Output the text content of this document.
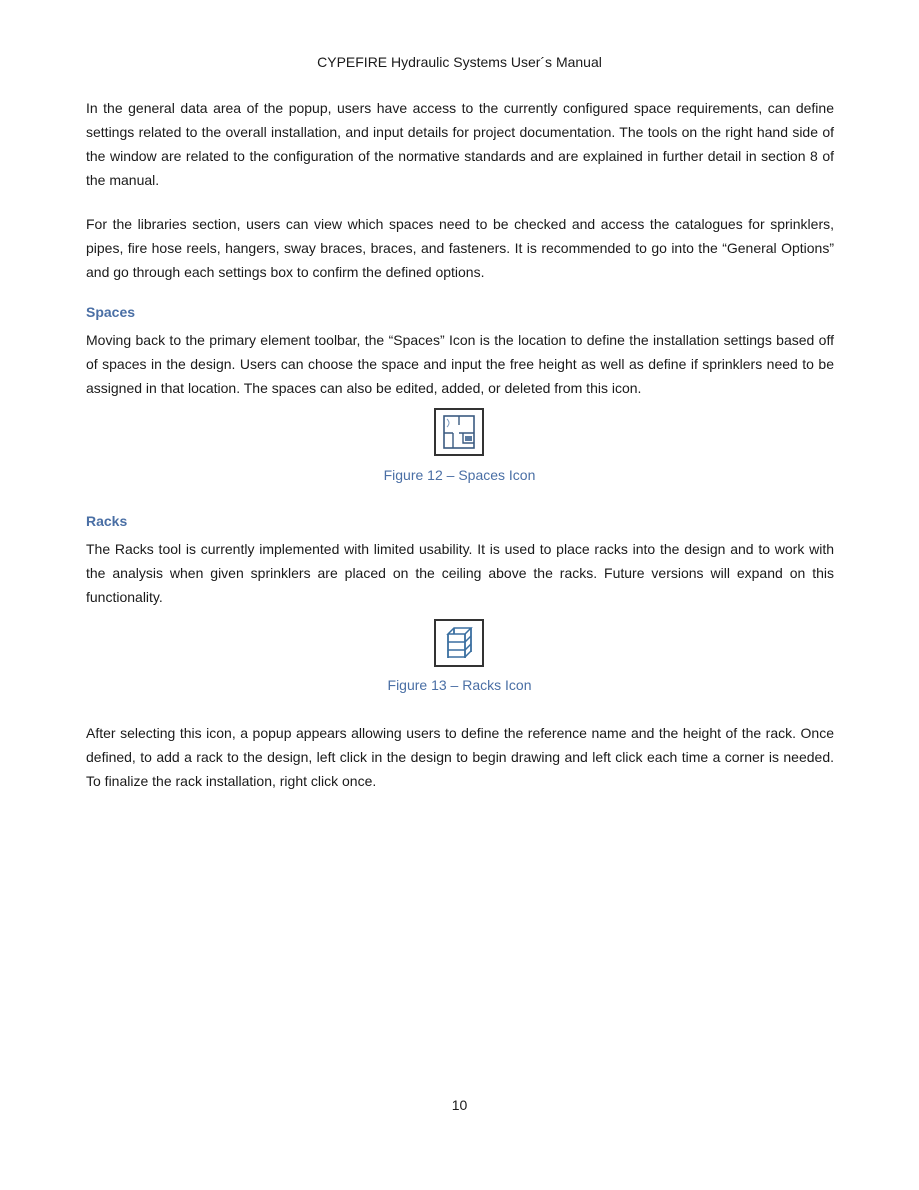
CYPEFIRE Hydraulic Systems User´s Manual

In the general data area of the popup, users have access to the currently configured space requirements, can define settings related to the overall installation, and input details for project documentation. The tools on the right hand side of the window are related to the configuration of the normative standards and are explained in further detail in section 8 of the manual.

For the libraries section, users can view which spaces need to be checked and access the catalogues for sprinklers, pipes, fire hose reels, hangers, sway braces, braces, and fasteners. It is recommended to go into the “General Options” and go through each settings box to confirm the defined options.

Spaces

Moving back to the primary element toolbar, the “Spaces” Icon is the location to define the installation settings based off of spaces in the design. Users can choose the space and input the free height as well as define if sprinklers need to be assigned in that location. The spaces can also be edited, added, or deleted from this icon.

Figure 12 – Spaces Icon
Racks

The Racks tool is currently implemented with limited usability. It is used to place racks into the design and to work with the analysis when given sprinklers are placed on the ceiling above the racks. Future versions will expand on this functionality.

Figure 13 – Racks Icon

After selecting this icon, a popup appears allowing users to define the reference name and the height of the rack. Once defined, to add a rack to the design, left click in the design to begin drawing and left click each time a corner is needed. To finalize the rack installation, right click once.

10
